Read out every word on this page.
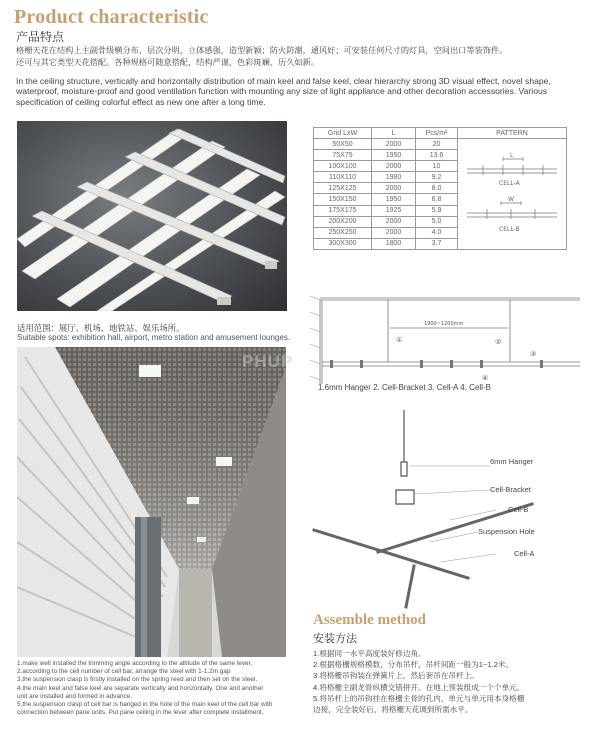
Product characteristic
产品特点
格栅天花在结构上主副骨级横分布，层次分明，立体感强，造型新颖；防火防潮，通风好；可安装任何尺寸的灯具，空间出口等装饰件。
还可与其它类型天花搭配。各种规格可随意搭配，结构严谨，色彩斑斓、历久如新。
In the ceiling structure, vertically and horizontally distribution of main keel and false keel, clear hierarchy strong 3D visual effect, novel shape, waterproof, moisture-proof and good ventilation function with mounting any size of light appliance and other decoration accessories. Various specification of ceiling colorful effect as new one after a long time.
适用范围：展厅、机场、地铁站、娱乐场所。
Suitable spots: exhibition hall, airport, metro station and amusement lounges.
Grid LxW	L	Pcs/m²	PATTERN
50X50	2000	20	L
W
CELL-A
CELL-B

75X75	1950	13.6	
100X100	2000	10	
110X110	1980	9.2	
125X125	2000	8.0	
150X150	1950	6.8	
175X175	1925	5.9	
200X200	2000	5.0	
250X250	2000	4.0	
300X300	1800	3.7	
1.make well installed the trimming angle according to the altitude of the same lever.
2.according to the cell number of cell bar, arrange the steel with 1-1.2m gap
3.the suspension clasp is firstly installed on the spring reed and then set on the steel.
4.the main keel and false keel are separate vertically and horizontally. One and another
unit are installed and formed in advance.
5.the suspension clasp of cell bar is hanged in the hole of the main keel of the cell bar with
connection between pane units. Put pane ceiling in the lever after complete installment.
PHUP
1900~1200mm
①	②
③
④
1.6mm Hanger 2. Cell-Bracket 3. Cell-A 4. Cell-B
6mm Hanger
Cell-Bracket
Cell-B
Suspension Hole
Cell-A
Assemble method
安装方法
1.根据同一水平高度装好修边角。
2.根据格栅规格模数，分布吊杆，吊杆间距一般为1~1.2米。
3.将格栅吊钩装在弹簧片上，然后套吊在吊杆上。
4.将格栅主副龙骨纵横交错拼开。在地上预装组成一个个单元。
5.将吊杆上的吊钩挂在格栅主骨的孔内，单元与单元用本身格栅
边接，完全装好后，将格栅天花调到所需水平。
